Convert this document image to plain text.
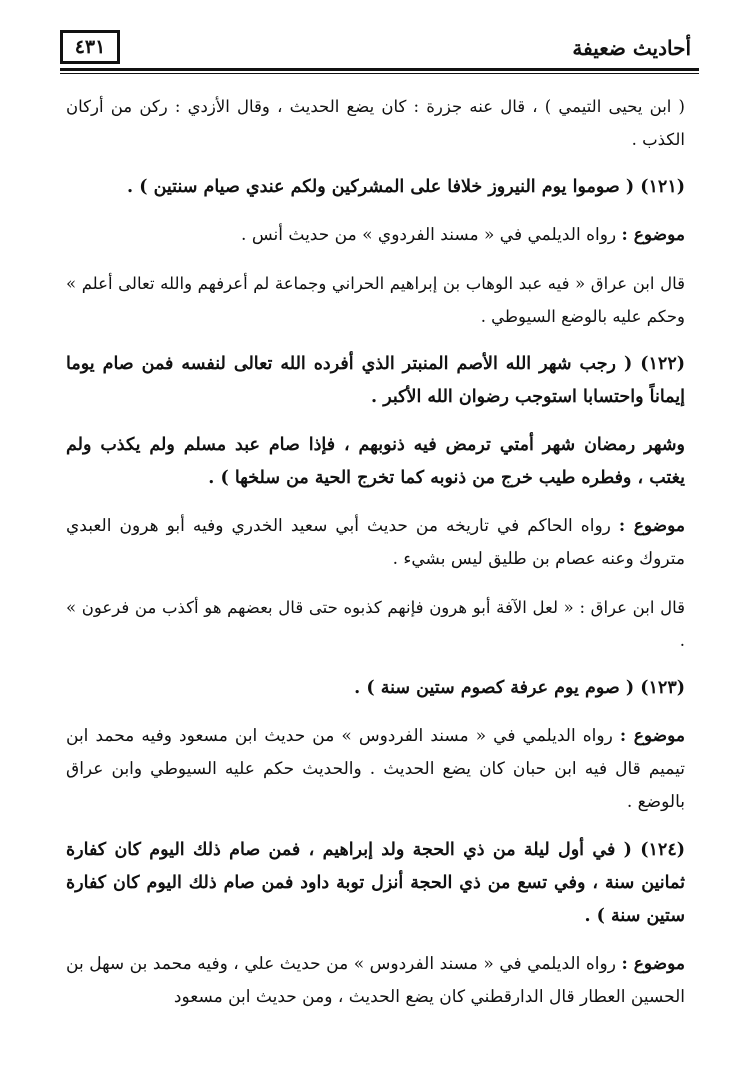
أحاديث ضعيفة
٤٣١

( ابن يحيى التيمي ) ، قال عنه جزرة : كان يضع الحديث ، وقال الأزدي : ركن من أركان الكذب .

(١٢١) ( صوموا يوم النيروز خلافا على المشركين ولكم عندي صيام سنتين ) .

موضوع : رواه الديلمي في « مسند الفردوي » من حديث أنس .

قال ابن عراق « فيه عبد الوهاب بن إبراهيم الحراني وجماعة لم أعرفهم والله تعالى أعلم » وحكم عليه بالوضع السيوطي .

(١٢٢) ( رجب شهر الله الأصم المنبتر الذي أفرده الله تعالى لنفسه فمن صام يوما إيماناً واحتسابا استوجب رضوان الله الأكبر .

وشهر رمضان شهر أمتي ترمض فيه ذنوبهم ، فإذا صام عبد مسلم ولم يكذب ولم يغتب ، وفطره طيب خرج من ذنوبه كما تخرج الحية من سلخها ) .

موضوع : رواه الحاكم في تاريخه من حديث أبي سعيد الخدري وفيه أبو هرون العبدي متروك وعنه عصام بن طليق ليس بشيء .

قال ابن عراق : « لعل الآفة أبو هرون فإنهم كذبوه حتى قال بعضهم هو أكذب من فرعون » .

(١٢٣) ( صوم يوم عرفة كصوم ستين سنة ) .

موضوع : رواه الديلمي في « مسند الفردوس » من حديث ابن مسعود وفيه محمد ابن تيميم قال فيه ابن حبان كان يضع الحديث . والحديث حكم عليه السيوطي وابن عراق بالوضع .

(١٢٤) ( في أول ليلة من ذي الحجة ولد إبراهيم ، فمن صام ذلك اليوم كان كفارة ثمانين سنة ، وفي تسع من ذي الحجة أنزل توبة داود فمن صام ذلك اليوم كان كفارة ستين سنة ) .

موضوع : رواه الديلمي في « مسند الفردوس » من حديث علي ، وفيه محمد بن سهل بن الحسين العطار قال الدارقطني كان يضع الحديث ، ومن حديث ابن مسعود
